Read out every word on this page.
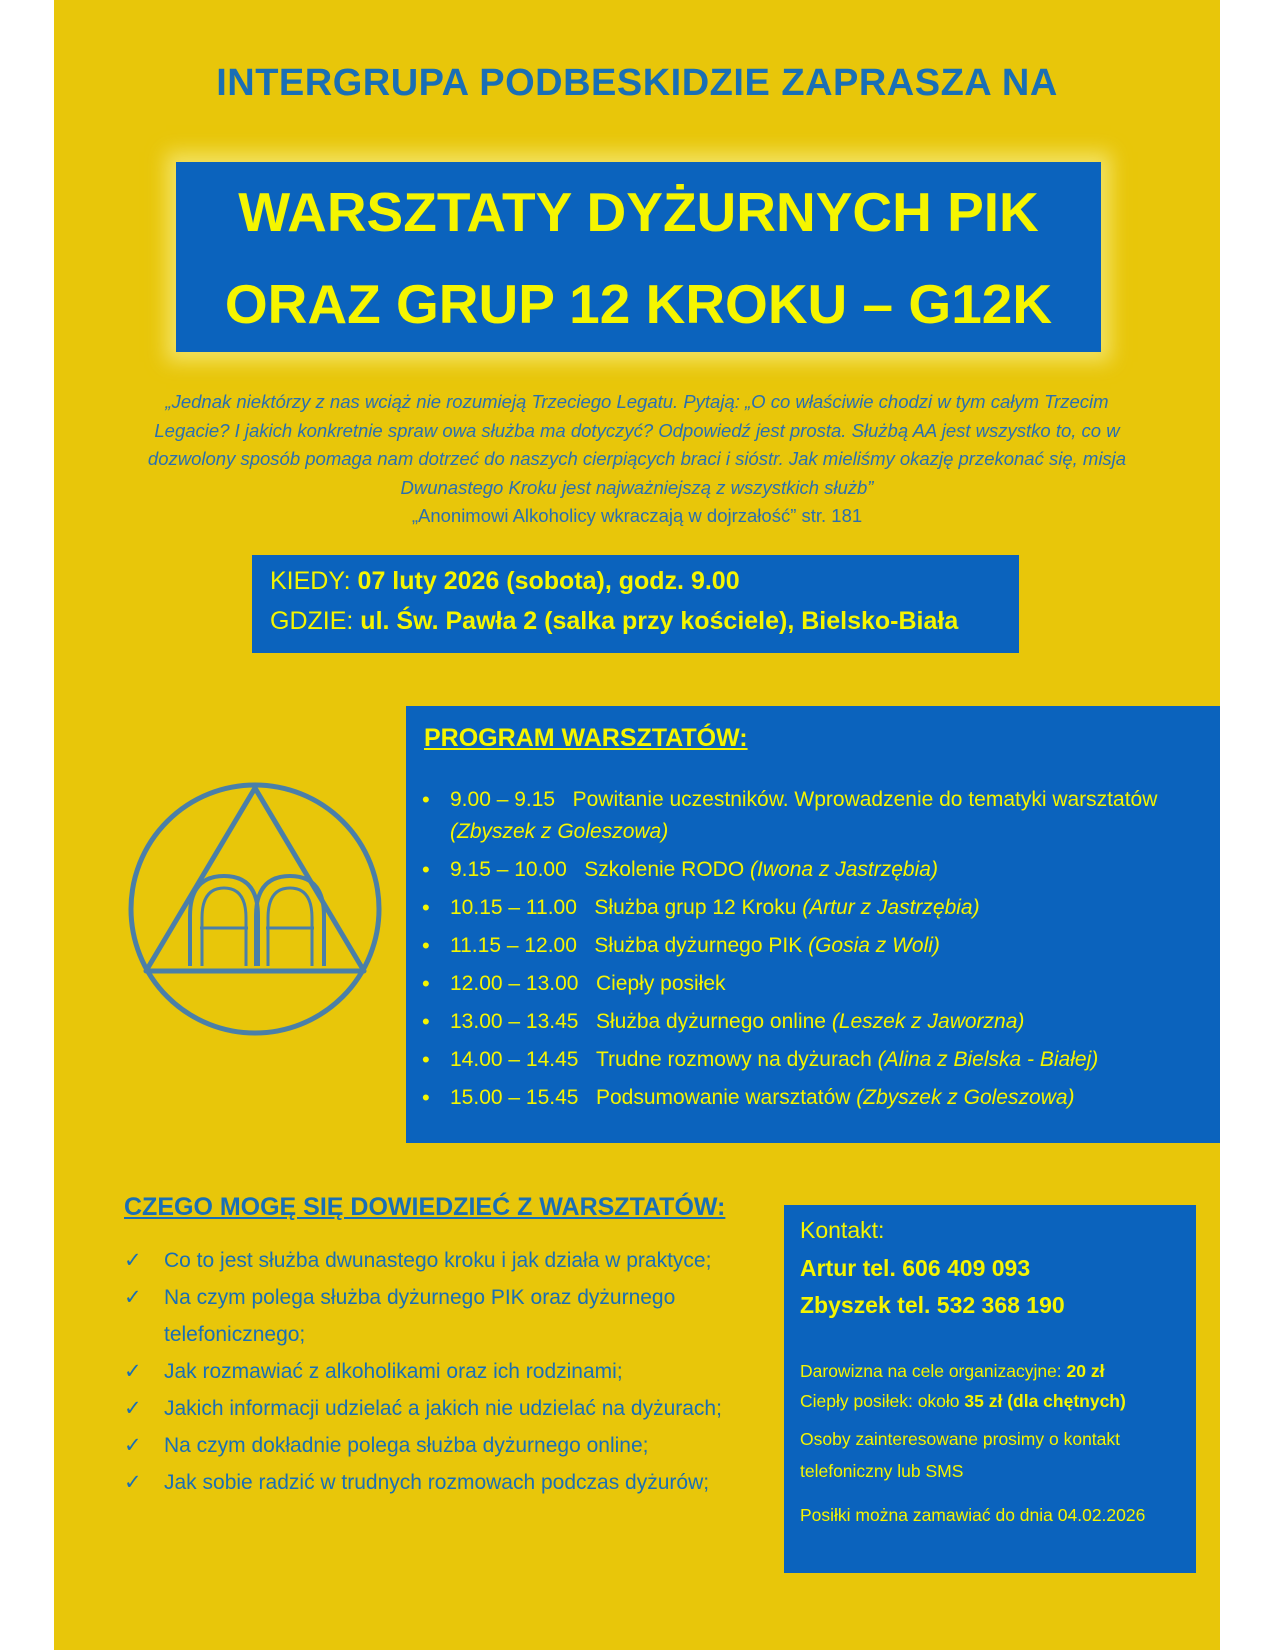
INTERGRUPA PODBESKIDZIE ZAPRASZA NA
WARSZTATY DYŻURNYCH PIK
ORAZ GRUP 12 KROKU – G12K
„Jednak niektórzy z nas wciąż nie rozumieją Trzeciego Legatu. Pytają: „O co właściwie chodzi w tym całym Trzecim Legacie? I jakich konkretnie spraw owa służba ma dotyczyć? Odpowiedź jest prosta. Służbą AA jest wszystko to, co w dozwolony sposób pomaga nam dotrzeć do naszych cierpiących braci i sióstr. Jak mieliśmy okazję przekonać się, misja Dwunastego Kroku jest najważniejszą z wszystkich służb”
„Anonimowi Alkoholicy wkraczają w dojrzałość” str. 181
KIEDY: 07 luty 2026 (sobota), godz. 9.00
GDZIE: ul. Św. Pawła 2 (salka przy kościele), Bielsko-Biała
PROGRAM WARSZTATÓW:
• 9.00 – 9.15 Powitanie uczestników. Wprowadzenie do tematyki warsztatów (Zbyszek z Goleszowa)
• 9.15 – 10.00 Szkolenie RODO (Iwona z Jastrzębia)
• 10.15 – 11.00 Służba grup 12 Kroku (Artur z Jastrzębia)
• 11.15 – 12.00 Służba dyżurnego PIK (Gosia z Woli)
• 12.00 – 13.00 Ciepły posiłek
• 13.00 – 13.45 Służba dyżurnego online (Leszek z Jaworzna)
• 14.00 – 14.45 Trudne rozmowy na dyżurach (Alina z Bielska - Białej)
• 15.00 – 15.45 Podsumowanie warsztatów (Zbyszek z Goleszowa)
CZEGO MOGĘ SIĘ DOWIEDZIEĆ Z WARSZTATÓW:
✓ Co to jest służba dwunastego kroku i jak działa w praktyce;
✓ Na czym polega służba dyżurnego PIK oraz dyżurnego telefonicznego;
✓ Jak rozmawiać z alkoholikami oraz ich rodzinami;
✓ Jakich informacji udzielać a jakich nie udzielać na dyżurach;
✓ Na czym dokładnie polega służba dyżurnego online;
✓ Jak sobie radzić w trudnych rozmowach podczas dyżurów;
Kontakt:
Artur tel. 606 409 093
Zbyszek tel. 532 368 190
Darowizna na cele organizacyjne: 20 zł
Ciepły posiłek: około 35 zł (dla chętnych)
Osoby zainteresowane prosimy o kontakt telefoniczny lub SMS
Posiłki można zamawiać do dnia 04.02.2026
